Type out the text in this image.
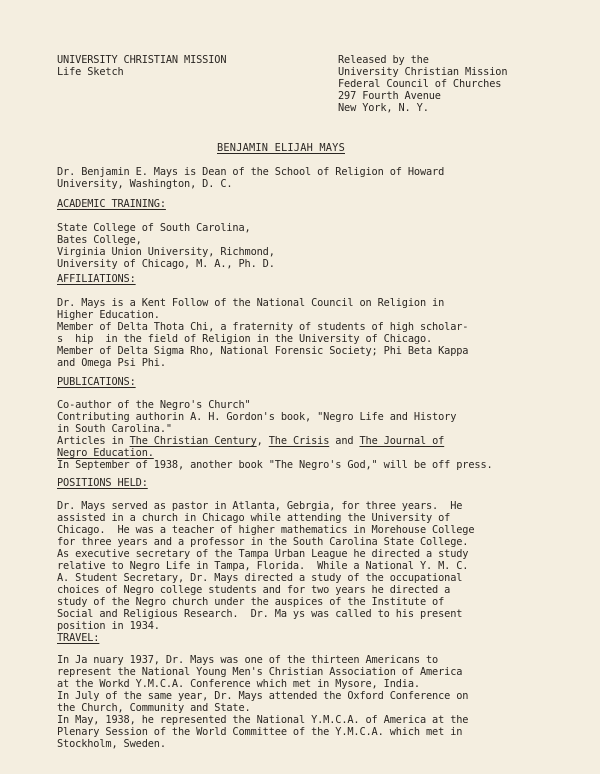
UNIVERSITY CHRISTIAN MISSION
Life Sketch
Released by the
University Christian Mission
Federal Council of Churches
297 Fourth Avenue
New York, N. Y.
BENJAMIN ELIJAH MAYS
Dr. Benjamin E. Mays is Dean of the School of Religion of Howard
University, Washington, D. C.
ACADEMIC TRAINING:
State College of South Carolina,
Bates College,
Virginia Union University, Richmond,
University of Chicago, M. A., Ph. D.
AFFILIATIONS:
Dr. Mays is a Kent Follow of the National Council on Religion in
Higher Education.
Member of Delta Thota Chi, a fraternity of students of high scholar-
s  hip  in the field of Religion in the University of Chicago.
Member of Delta Sigma Rho, National Forensic Society; Phi Beta Kappa
and Omega Psi Phi.
PUBLICATIONS:
Co-author of the Negro's Church"
Contributing authorin A. H. Gordon's book, "Negro Life and History
in South Carolina."
Articles in The Christian Century, The Crisis and The Journal of
Negro Education.
In September of 1938, another book "The Negro's God," will be off press.
POSITIONS HELD:
Dr. Mays served as pastor in Atlanta, Gebrgia, for three years.  He
assisted in a church in Chicago while attending the University of
Chicago.  He was a teacher of higher mathematics in Morehouse College
for three years and a professor in the South Carolina State College.
As executive secretary of the Tampa Urban League he directed a study
relative to Negro Life in Tampa, Florida.  While a National Y. M. C.
A. Student Secretary, Dr. Mays directed a study of the occupational
choices of Negro college students and for two years he directed a
study of the Negro church under the auspices of the Institute of
Social and Religious Research.  Dr. Ma ys was called to his present
position in 1934.
TRAVEL:
In Ja nuary 1937, Dr. Mays was one of the thirteen Americans to
represent the National Young Men's Christian Association of America
at the Workd Y.M.C.A. Conference which met in Mysore, India.
In July of the same year, Dr. Mays attended the Oxford Conference on
the Church, Community and State.
In May, 1938, he represented the National Y.M.C.A. of America at the
Plenary Session of the World Committee of the Y.M.C.A. which met in
Stockholm, Sweden.
